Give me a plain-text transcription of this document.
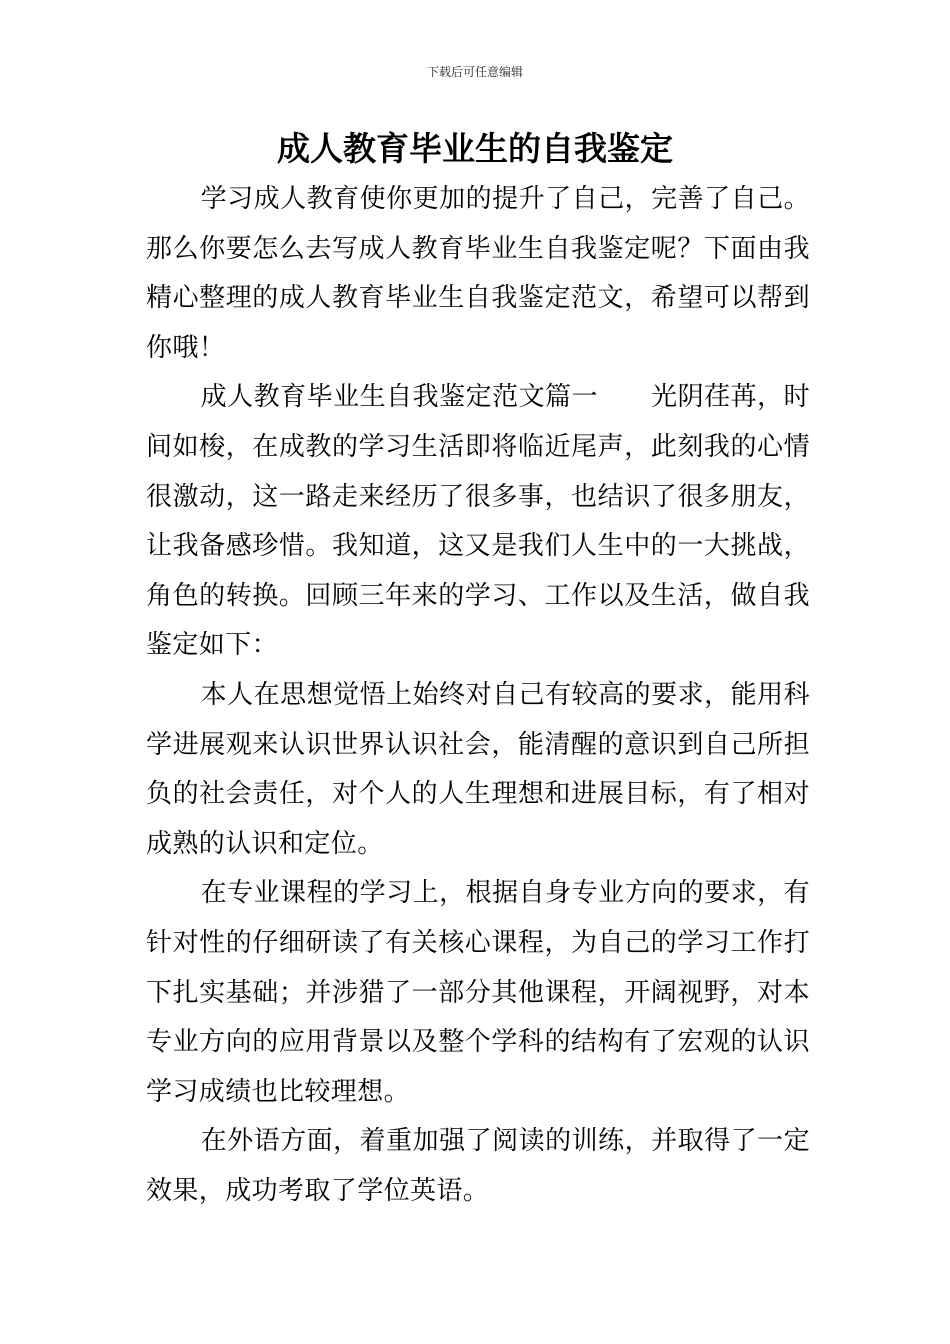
下载后可任意编辑
成人教育毕业生的自我鉴定

学习成人教育使你更加的提升了自己，完善了自己。那么你要怎么去写成人教育毕业生自我鉴定呢？下面由我精心整理的成人教育毕业生自我鉴定范文，希望可以帮到你哦！

成人教育毕业生自我鉴定范文篇一　　光阴荏苒，时间如梭，在成教的学习生活即将临近尾声，此刻我的心情很激动，这一路走来经历了很多事，也结识了很多朋友，让我备感珍惜。我知道，这又是我们人生中的一大挑战，角色的转换。回顾三年来的学习、工作以及生活，做自我鉴定如下：

本人在思想觉悟上始终对自己有较高的要求，能用科学进展观来认识世界认识社会，能清醒的意识到自己所担负的社会责任，对个人的人生理想和进展目标，有了相对成熟的认识和定位。

在专业课程的学习上，根据自身专业方向的要求，有针对性的仔细研读了有关核心课程，为自己的学习工作打下扎实基础；并涉猎了一部分其他课程，开阔视野，对本专业方向的应用背景以及整个学科的结构有了宏观的认识学习成绩也比较理想。

在外语方面，着重加强了阅读的训练，并取得了一定效果，成功考取了学位英语。
